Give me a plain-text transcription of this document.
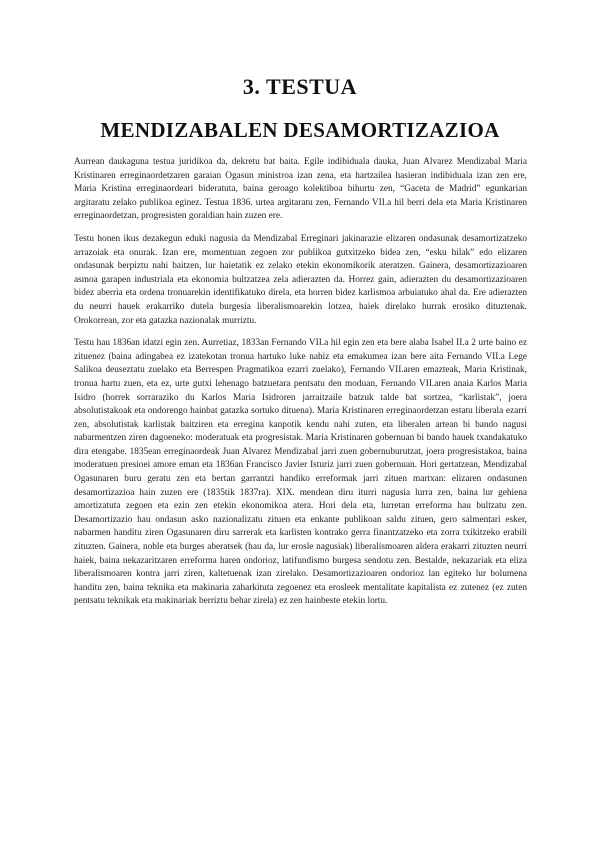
3. TESTUA
MENDIZABALEN DESAMORTIZAZIOA

Aurrean daukaguna testua juridikoa da, dekretu bat baita. Egile indibiduala dauka, Juan Alvarez Mendizabal Maria Kristinaren erreginaordetzaren garaian Ogasun ministroa izan zena, eta hartzailea hasieran indibiduala izan zen ere, Maria Kristina erreginaordeari bideratuta, baina geroago kolektiboa bihurtu zen, “Gaceta de Madrid” egunkarian argitaratu zelako publikoa eginez. Testua 1836. urtea argitaratu zen, Fernando VII.a hil berri dela eta Maria Kristinaren erreginaordetzan, progresisten goraldian hain zuzen ere.

Testu honen ikus dezakegun eduki nagusia da Mendizabal Erreginari jakinarazie elizaren ondasunak desamortizatzeko arrazoiak eta onurak. Izan ere, momentuan zegoen zor publikoa gutxitzeko bidea zen, “esku hilak” edo elizaren ondasunak berpiztu nahi baitzen, lur haietatik ez zelako etekin ekonomikorik ateratzen. Gainera, desamortizazioaren asmoa garapen industriala eta ekonomia bultzatzea zela adierazten da. Horrez gain, adierazten du desamortizazioaren bidez aberria eta ordena tronuarekin identifikatuko direla, eta horren bidez karlismoa arbuiatuko ahal da. Ere adierazten du neurri hauek erakarriko dutela burgesia liberalismoarekin lotzea, haiek direlako hurrak erosiko dituztenak. Orokorrean, zor eta gatazka nazionalak murriztu.

Testu hau 1836an idatzi egin zen. Aurretiaz, 1833an Fernando VII.a hil egin zen eta bere alaba Isabel II.a 2 urte baino ez zituenez (baina adingabea ez izatekotan tronua hartuko luke nahiz eta emakumea izan bere aita Fernando VII.a Lege Salikoa deuseztatu zuelako eta Berrespen Pragmatikoa ezarri zuelako), Fernando VII.aren emazteak, Maria Kristinak, tronua hartu zuen, eta ez, urte gutxi lehenago batzuetara pentsatu den moduan, Fernando VII.aren anaia Karlos Maria Isidro (horrek sorraraziko du Karlos Maria Isidroren jarraitzaile batzuk talde bat sortzea, “karlistak”, joera absolutistakoak eta ondorengo hainbat gatazka sortuko dituena). Maria Kristinaren erreginaordetzan estatu liberala ezarri zen, absolutistak karlistak baitziren eta erregina kanpotik kendu nahi zuten, eta liberalen artean bi bando nagusi nabarmentzen ziren dagoeneko: moderatuak eta progresistak. Maria Kristinaren gobernuan bi bando hauek txandakatuko dira etengabe. 1835ean erreginaordeak Juan Alvarez Mendizabal jarri zuen gobernuburutzat, joera progresistakoa, baina moderatuen presioei amore eman eta 1836an Francisco Javier Isturiz jarri zuen gobernuan. Hori gertatzean, Mendizabal Ogasunaren buru geratu zen eta bertan garrantzi handiko erreformak jarri zituen martxan: elizaren ondasunen desamortizazioa hain zuzen ere (1835tik 1837ra). XIX. mendean diru iturri nagusia lurra zen, baina lur gehiena amortizatuta zegoen eta ezin zen etekin ekonomikoa atera. Hori dela eta, lurretan erreforma hau bultzatu zen. Desamortizazio hau ondasun asko nazionalizatu zituen eta enkante publikoan saldu zituen, gero salmentari esker, nabarmen handitu ziren Ogasunaren diru sarrerak eta karlisten kontrako gerra finantzatzeko eta zorra txikitzeko erabili zituzten. Gainera, noble eta burges aberatsek (hau da, lur erosle nagusiak) liberalismoaren aldera erakarri zituzten neurri haiek, baina nekazaritzaren erreforma haren ondorioz, latifundismo burgesa sendotu zen. Bestalde, nekazariak eta eliza liberalismoaren kontra jarri ziren, kaltetuenak izan zirelako. Desamortizazioaren ondorioz lan egiteko lur bolumena handitu zen, baina teknika eta makinaria zaharkituta zegoenez eta erosleek mentalitate kapitalista ez zutenez (ez zuten pentsatu teknikak eta makinariak berriztu behar zirela) ez zen hainbeste etekin lortu.
